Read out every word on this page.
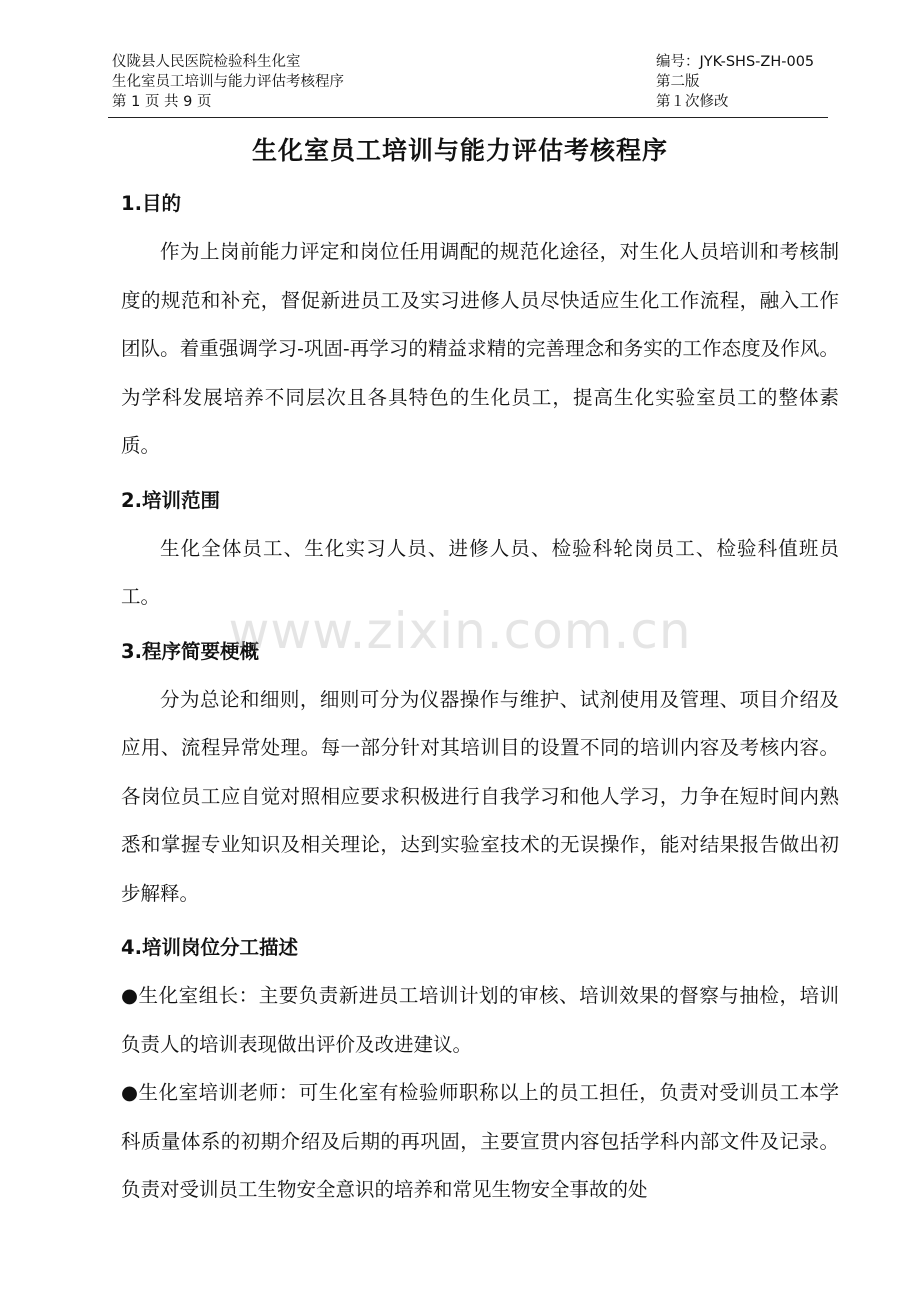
仪陇县人民医院检验科生化室	编号：JYK-SHS-ZH-005
生化室员工培训与能力评估考核程序	第二版
第 1 页 共 9 页	第１次修改
生化室员工培训与能力评估考核程序
1.目的

作为上岗前能力评定和岗位任用调配的规范化途径，对生化人员培训和考核制度的规范和补充，督促新进员工及实习进修人员尽快适应生化工作流程，融入工作团队。着重强调学习-巩固-再学习的精益求精的完善理念和务实的工作态度及作风。为学科发展培养不同层次且各具特色的生化员工，提高生化实验室员工的整体素质。

2.培训范围

生化全体员工、生化实习人员、进修人员、检验科轮岗员工、检验科值班员工。

3.程序简要梗概

分为总论和细则，细则可分为仪器操作与维护、试剂使用及管理、项目介绍及应用、流程异常处理。每一部分针对其培训目的设置不同的培训内容及考核内容。各岗位员工应自觉对照相应要求积极进行自我学习和他人学习，力争在短时间内熟悉和掌握专业知识及相关理论，达到实验室技术的无误操作，能对结果报告做出初步解释。

4.培训岗位分工描述

●生化室组长：主要负责新进员工培训计划的审核、培训效果的督察与抽检，培训负责人的培训表现做出评价及改进建议。

●生化室培训老师：可生化室有检验师职称以上的员工担任，负责对受训员工本学科质量体系的初期介绍及后期的再巩固，主要宣贯内容包括学科内部文件及记录。负责对受训员工生物安全意识的培养和常见生物安全事故的处

www.zixin.com.cn
